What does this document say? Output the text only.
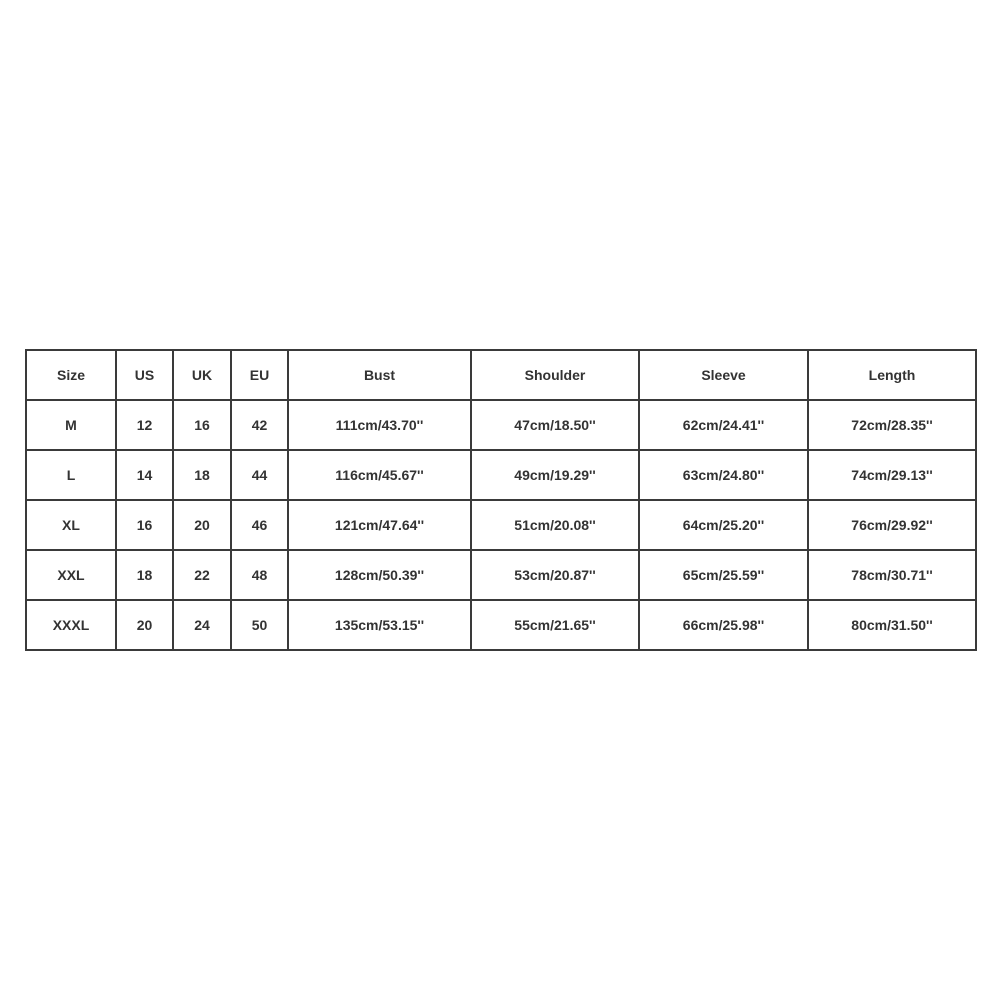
Size	US	UK	EU	Bust	Shoulder	Sleeve	Length
M	12	16	42	111cm/43.70''	47cm/18.50''	62cm/24.41''	72cm/28.35''
L	14	18	44	116cm/45.67''	49cm/19.29''	63cm/24.80''	74cm/29.13''
XL	16	20	46	121cm/47.64''	51cm/20.08''	64cm/25.20''	76cm/29.92''
XXL	18	22	48	128cm/50.39''	53cm/20.87''	65cm/25.59''	78cm/30.71''
XXXL	20	24	50	135cm/53.15''	55cm/21.65''	66cm/25.98''	80cm/31.50''
